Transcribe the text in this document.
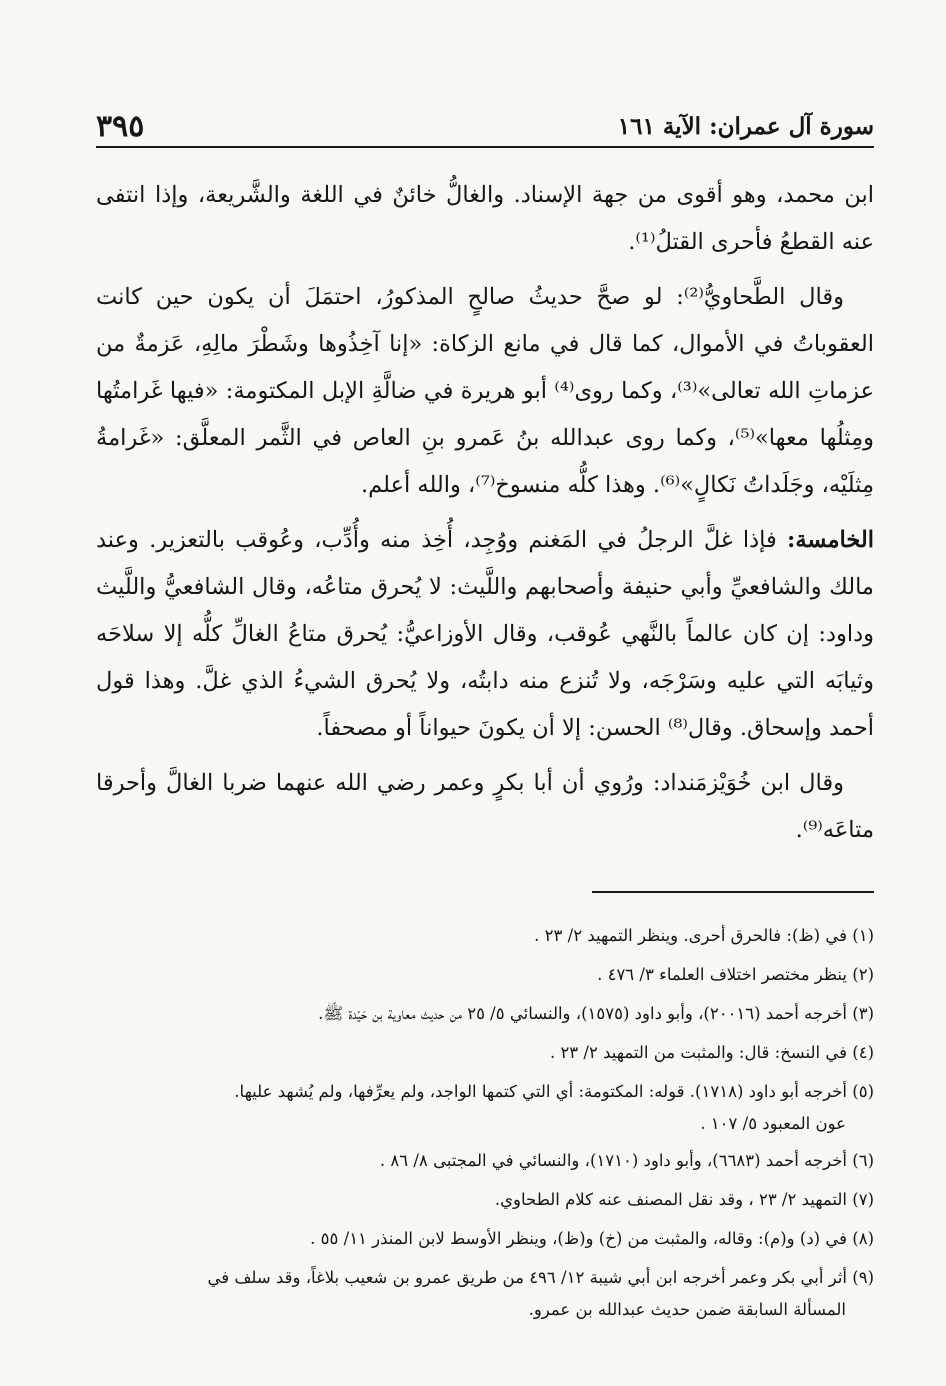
سورة آل عمران: الآية ١٦١
٣٩٥

ابن محمد، وهو أقوى من جهة الإسناد. والغالُّ خائنٌ في اللغة والشَّريعة، وإذا انتفى عنه القطعُ فأحرى القتلُ⁽¹⁾.

وقال الطَّحاويُّ⁽²⁾: لو صحَّ حديثُ صالحٍ المذكورُ، احتمَلَ أن يكون حين كانت العقوباتُ في الأموال، كما قال في مانع الزكاة: «إنا آخِذُوها وشَطْرَ مالِهِ، عَزمةٌ من عزماتِ الله تعالى»⁽³⁾، وكما روى⁽⁴⁾ أبو هريرة في ضالَّةِ الإبل المكتومة: «فيها غَرامتُها ومِثلُها معها»⁽⁵⁾، وكما روى عبدالله بنُ عَمرو بنِ العاص في الثَّمر المعلَّق: «غَرامةُ مِثلَيْه، وجَلَداتُ نَكالٍ»⁽⁶⁾. وهذا كلُّه منسوخ⁽⁷⁾، والله أعلم.

الخامسة: فإذا غلَّ الرجلُ في المَغنم ووُجِد، أُخِذ منه وأُدِّب، وعُوقب بالتعزير. وعند مالك والشافعيِّ وأبي حنيفة وأصحابهم واللَّيث: لا يُحرق متاعُه، وقال الشافعيُّ واللَّيث وداود: إن كان عالماً بالنَّهي عُوقب، وقال الأوزاعيُّ: يُحرق متاعُ الغالِّ كلُّه إلا سلاحَه وثيابَه التي عليه وسَرْجَه، ولا تُنزع منه دابتُه، ولا يُحرق الشيءُ الذي غلَّ. وهذا قول أحمد وإسحاق. وقال⁽⁸⁾ الحسن: إلا أن يكونَ حيواناً أو مصحفاً.

وقال ابن خُوَيْزمَنداد: ورُوي أن أبا بكرٍ وعمر رضي الله عنهما ضربا الغالَّ وأحرقا متاعَه⁽⁹⁾.

(١) في (ظ): فالحرق أحرى. وينظر التمهيد ٢/ ٢٣ .
(٢) ينظر مختصر اختلاف العلماء ٣/ ٤٧٦ .
(٣) أخرجه أحمد (٢٠٠١٦)، وأبو داود (١٥٧٥)، والنسائي ٥/ ٢٥ من حديث معاوية بن حَيْدة ﷺ.
(٤) في النسخ: قال: والمثبت من التمهيد ٢/ ٢٣ .
(٥) أخرجه أبو داود (١٧١٨). قوله: المكتومة: أي التي كتمها الواجد، ولم يعرِّفها، ولم يُشهد عليها.
عون المعبود ٥/ ١٠٧ .
(٦) أخرجه أحمد (٦٦٨٣)، وأبو داود (١٧١٠)، والنسائي في المجتبى ٨/ ٨٦ .
(٧) التمهيد ٢/ ٢٣ ، وقد نقل المصنف عنه كلام الطحاوي.
(٨) في (د) و(م): وقاله، والمثبت من (خ) و(ظ)، وينظر الأوسط لابن المنذر ١١/ ٥٥ .
(٩) أثر أبي بكر وعمر أخرجه ابن أبي شيبة ١٢/ ٤٩٦ من طريق عمرو بن شعيب بلاغاً، وقد سلف في
المسألة السابقة ضمن حديث عبدالله بن عمرو.
